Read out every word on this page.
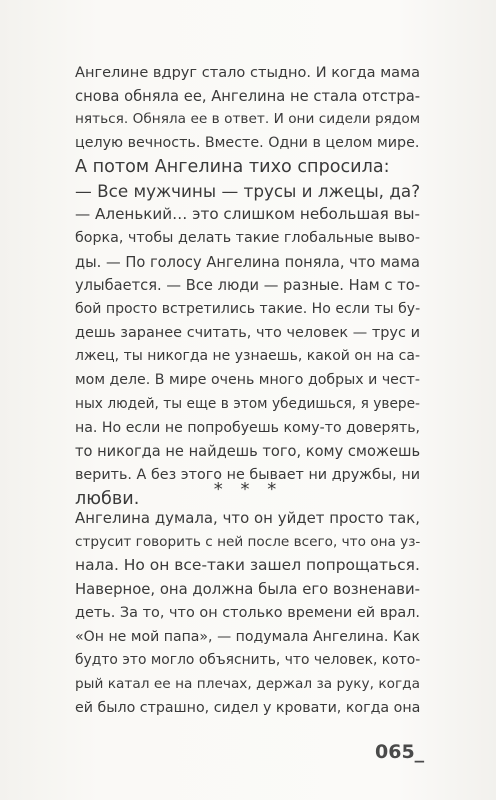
Ангелине вдруг стало стыдно. И когда мама
снова обняла ее, Ангелина не стала отстра-
няться. Обняла ее в ответ. И они сидели рядом
целую вечность. Вместе. Одни в целом мире.
А потом Ангелина тихо спросила:
— Все мужчины — трусы и лжецы, да?
— Аленький… это слишком небольшая вы-
борка, чтобы делать такие глобальные выво-
ды. — По голосу Ангелина поняла, что мама
улыбается. — Все люди — разные. Нам с то-
бой просто встретились такие. Но если ты бу-
дешь заранее считать, что человек — трус и
лжец, ты никогда не узнаешь, какой он на са-
мом деле. В мире очень много добрых и чест-
ных людей, ты еще в этом убедишься, я увере-
на. Но если не попробуешь кому-то доверять,
то никогда не найдешь того, кому сможешь
верить. А без этого не бывает ни дружбы, ни
любви.	* * *
Ангелина думала, что он уйдет просто так,
струсит говорить с ней после всего, что она уз-
нала. Но он все-таки зашел попрощаться.
Наверное, она должна была его возненави-
деть. За то, что он столько времени ей врал.
«Он не мой папа», — подумала Ангелина. Как
будто это могло объяснить, что человек, кото-
рый катал ее на плечах, держал за руку, когда
ей было страшно, сидел у кровати, когда она
065_
